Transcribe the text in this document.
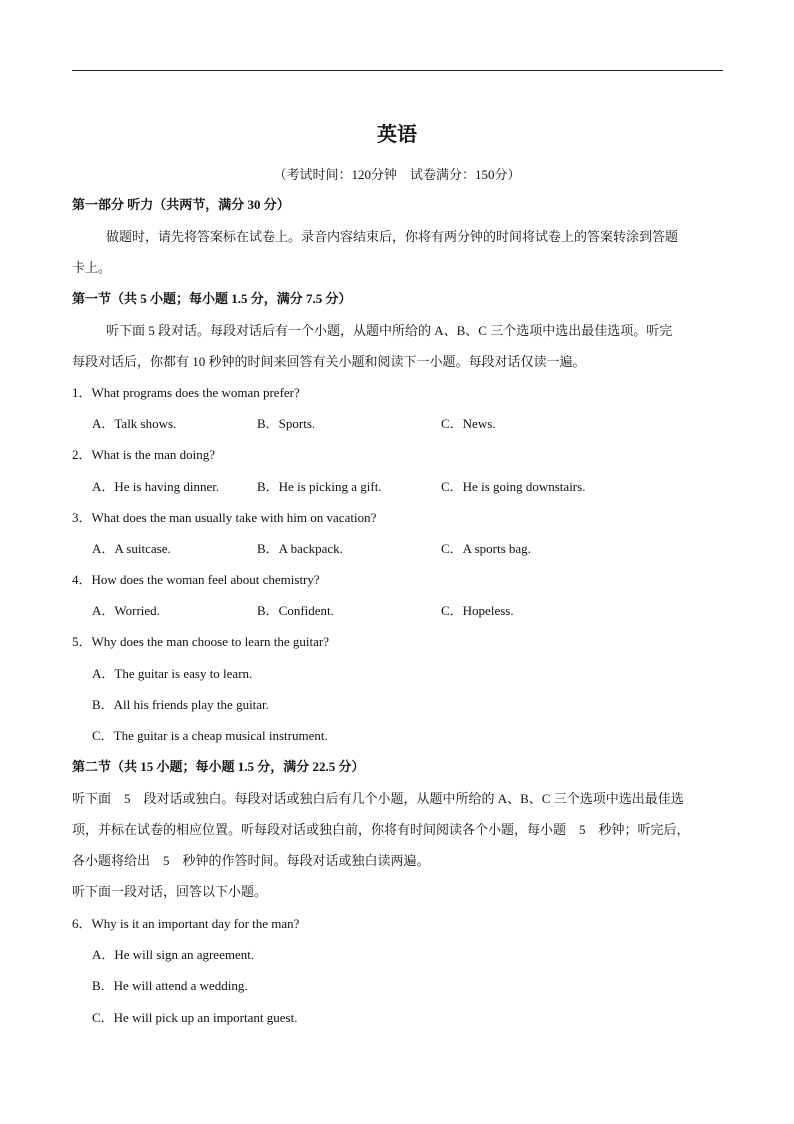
英语
（考试时间：120分钟　试卷满分：150分）
第一部分 听力（共两节，满分 30 分）
做题时，请先将答案标在试卷上。录音内容结束后，你将有两分钟的时间将试卷上的答案转涂到答题
卡上。
第一节（共 5 小题；每小题 1.5 分，满分 7.5 分）
听下面 5 段对话。每段对话后有一个小题，从题中所给的 A、B、C 三个选项中选出最佳选项。听完
每段对话后，你都有 10 秒钟的时间来回答有关小题和阅读下一小题。每段对话仅读一遍。
1．What programs does the woman prefer?
A．Talk shows.	B．Sports.	C．News.
2．What is the man doing?
A．He is having dinner.	B．He is picking a gift.	C．He is going downstairs.
3．What does the man usually take with him on vacation?
A．A suitcase.	B．A backpack.	C．A sports bag.
4．How does the woman feel about chemistry?
A．Worried.	B．Confident.	C．Hopeless.
5．Why does the man choose to learn the guitar?
A．The guitar is easy to learn.
B．All his friends play the guitar.
C．The guitar is a cheap musical instrument.
第二节（共 15 小题；每小题 1.5 分，满分 22.5 分）
听下面　5　段对话或独白。每段对话或独白后有几个小题，从题中所给的 A、B、C 三个选项中选出最佳选
项，并标在试卷的相应位置。听每段对话或独白前，你将有时间阅读各个小题，每小题　5　秒钟；听完后，
各小题将给出　5　秒钟的作答时间。每段对话或独白读两遍。
听下面一段对话，回答以下小题。
6．Why is it an important day for the man?
A．He will sign an agreement.
B．He will attend a wedding.
C．He will pick up an important guest.
